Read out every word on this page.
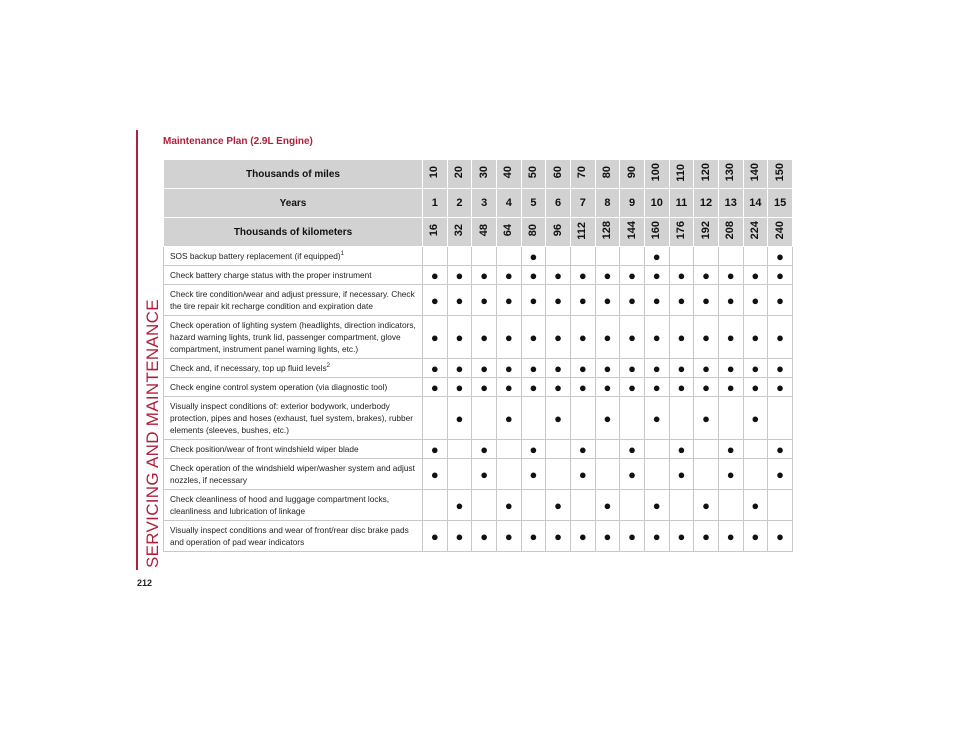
SERVICING AND MAINTENANCE
212
Maintenance Plan (2.9L Engine)
Thousands of miles	10	20	30	40	50	60	70	80	90	100	110	120	130	140	150
Years	1	2	3	4	5	6	7	8	9	10	11	12	13	14	15
Thousands of kilometers	16	32	48	64	80	96	112	128	144	160	176	192	208	224	240
SOS backup battery replacement (if equipped)$^1$					●					●					●
Check battery charge status with the proper instrument	●	●	●	●	●	●	●	●	●	●	●	●	●	●	●
Check tire condition/wear and adjust pressure, if necessary. Check the tire repair kit recharge condition and expiration date	●	●	●	●	●	●	●	●	●	●	●	●	●	●	●
Check operation of lighting system (headlights, direction indicators, hazard warning lights, trunk lid, passenger compartment, glove compartment, instrument panel warning lights, etc.)	●	●	●	●	●	●	●	●	●	●	●	●	●	●	●
Check and, if necessary, top up fluid levels$^2$	●	●	●	●	●	●	●	●	●	●	●	●	●	●	●
Check engine control system operation (via diagnostic tool)	●	●	●	●	●	●	●	●	●	●	●	●	●	●	●
Visually inspect conditions of: exterior bodywork, underbody protection, pipes and hoses (exhaust, fuel system, brakes), rubber elements (sleeves, bushes, etc.)		●		●		●		●		●		●		●	
Check position/wear of front windshield wiper blade	●		●		●		●		●		●		●		●
Check operation of the windshield wiper/washer system and adjust nozzles, if necessary	●		●		●		●		●		●		●		●
Check cleanliness of hood and luggage compartment locks, cleanliness and lubrication of linkage		●		●		●		●		●		●		●	
Visually inspect conditions and wear of front/rear disc brake pads and operation of pad wear indicators	●	●	●	●	●	●	●	●	●	●	●	●	●	●	●
